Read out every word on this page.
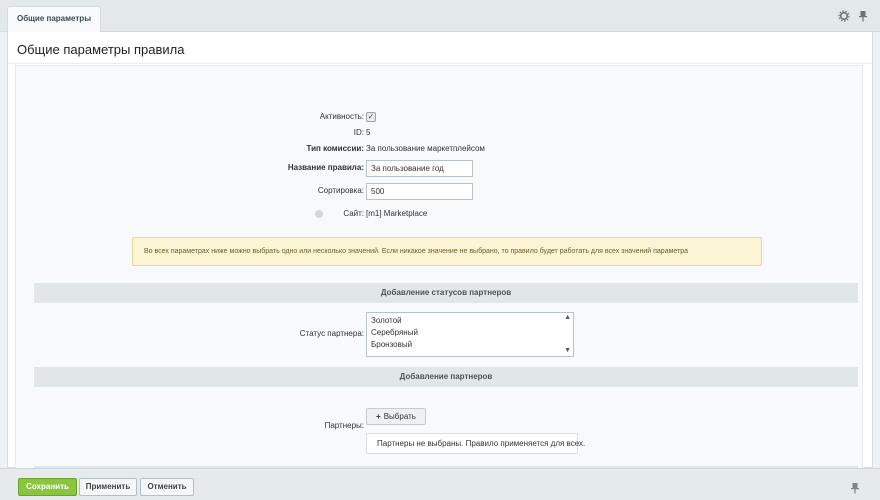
Общие параметры
Общие параметры правила
Активность: ✓
ID: 5
Тип комиссии: За пользование маркетплейсом
Название правила:
За пользование год
Сортировка:
500
Сайт: [m1] Marketplace
Во всех параметрах ниже можно выбрать одно или несколько значений. Если никакое значение не выбрано, то правило будет работать для всех значений параметра
Добавление статусов партнеров
Статус партнера:
Золотой
Серебряный
Бронзовый
▲
▼
Добавление партнеров
Партнеры:
+ Выбрать
Партнеры не выбраны. Правило применяется для всех.
Сохранить	Применить	Отменить
